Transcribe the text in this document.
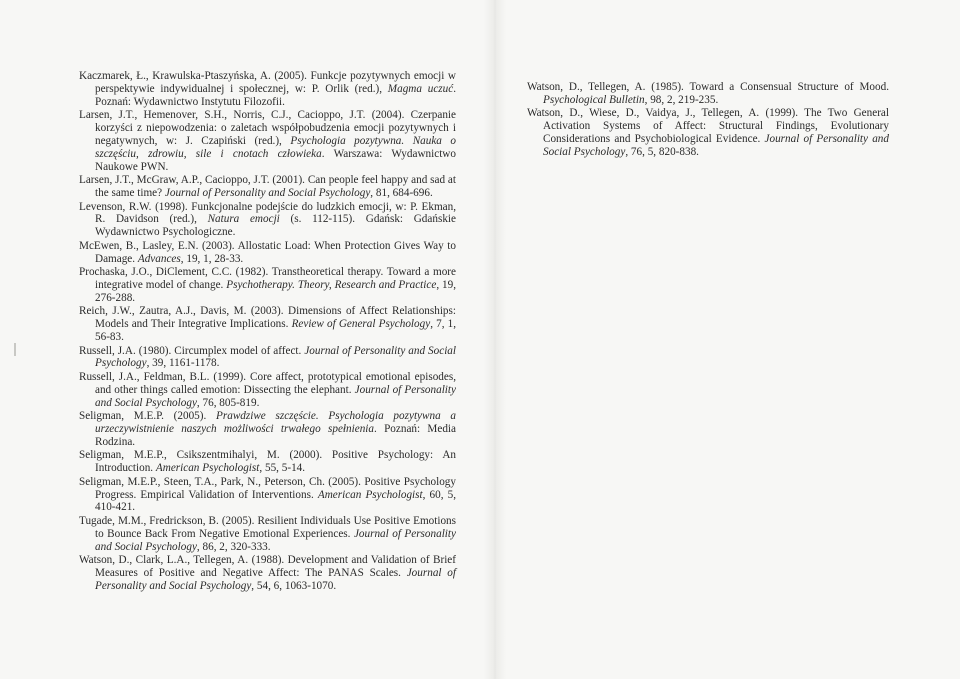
Kaczmarek, Ł., Krawulska-Ptaszyńska, A. (2005). Funkcje pozytywnych emocji w perspektywie indywidualnej i społecznej, w: P. Orlik (red.), Magma uczuć. Poznań: Wydawnictwo Instytutu Filozofii.

Larsen, J.T., Hemenover, S.H., Norris, C.J., Cacioppo, J.T. (2004). Czerpanie korzyści z niepowodzenia: o zaletach współpobudzenia emocji pozytywnych i negatywnych, w: J. Czapiński (red.), Psychologia pozytywna. Nauka o szczęściu, zdrowiu, sile i cnotach człowieka. Warszawa: Wydawnictwo Naukowe PWN.

Larsen, J.T., McGraw, A.P., Cacioppo, J.T. (2001). Can people feel happy and sad at the same time? Journal of Personality and Social Psychology, 81, 684-696.

Levenson, R.W. (1998). Funkcjonalne podejście do ludzkich emocji, w: P. Ekman, R. Davidson (red.), Natura emocji (s. 112-115). Gdańsk: Gdańskie Wydawnictwo Psychologiczne.

McEwen, B., Lasley, E.N. (2003). Allostatic Load: When Protection Gives Way to Damage. Advances, 19, 1, 28-33.

Prochaska, J.O., DiClement, C.C. (1982). Transtheoretical therapy. Toward a more integrative model of change. Psychotherapy. Theory, Research and Practice, 19, 276-288.

Reich, J.W., Zautra, A.J., Davis, M. (2003). Dimensions of Affect Relationships: Models and Their Integrative Implications. Review of General Psychology, 7, 1, 56-83.

Russell, J.A. (1980). Circumplex model of affect. Journal of Personality and Social Psychology, 39, 1161-1178.

Russell, J.A., Feldman, B.L. (1999). Core affect, prototypical emotional episodes, and other things called emotion: Dissecting the elephant. Journal of Personality and Social Psychology, 76, 805-819.

Seligman, M.E.P. (2005). Prawdziwe szczęście. Psychologia pozytywna a urzeczywistnienie naszych możliwości trwałego spełnienia. Poznań: Media Rodzina.

Seligman, M.E.P., Csikszentmihalyi, M. (2000). Positive Psychology: An Introduction. American Psychologist, 55, 5-14.

Seligman, M.E.P., Steen, T.A., Park, N., Peterson, Ch. (2005). Positive Psychology Progress. Empirical Validation of Interventions. American Psychologist, 60, 5, 410-421.

Tugade, M.M., Fredrickson, B. (2005). Resilient Individuals Use Positive Emotions to Bounce Back From Negative Emotional Experiences. Journal of Personality and Social Psychology, 86, 2, 320-333.

Watson, D., Clark, L.A., Tellegen, A. (1988). Development and Validation of Brief Measures of Positive and Negative Affect: The PANAS Scales. Journal of Personality and Social Psychology, 54, 6, 1063-1070.

Watson, D., Tellegen, A. (1985). Toward a Consensual Structure of Mood. Psychological Bulletin, 98, 2, 219-235.

Watson, D., Wiese, D., Vaidya, J., Tellegen, A. (1999). The Two General Activation Systems of Affect: Structural Findings, Evolutionary Considerations and Psychobiological Evidence. Journal of Personality and Social Psychology, 76, 5, 820-838.
